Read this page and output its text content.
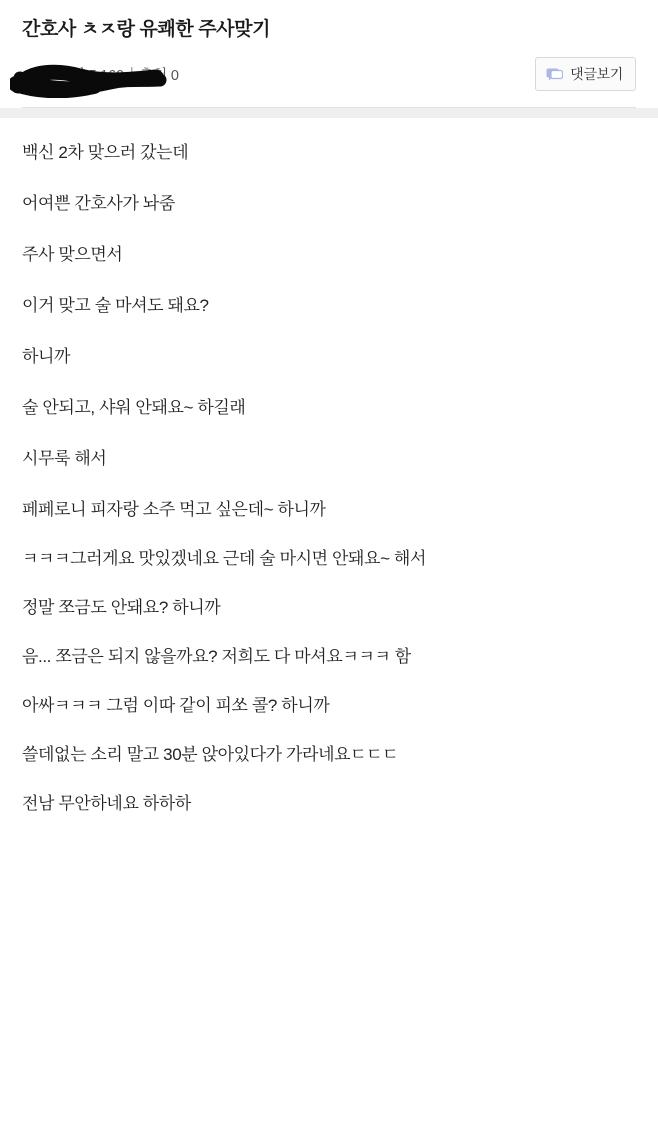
간호사 ㅊㅈ랑 유쾌한 주사맞기
.47 | 조회 5,160 | 추천 0	댓글보기

백신 2차 맞으러 갔는데

어여쁜 간호사가 놔줌

주사 맞으면서

이거 맞고 술 마셔도 돼요?

하니까

술 안되고, 샤워 안돼요~ 하길래

시무룩 해서

페페로니 피자랑 소주 먹고 싶은데~ 하니까

ㅋㅋㅋ그러게요 맛있겠네요 근데 술 마시면 안돼요~ 해서

정말 쪼금도 안돼요? 하니까

음... 쪼금은 되지 않을까요? 저희도 다 마셔요ㅋㅋㅋ 함

아싸ㅋㅋㅋ 그럼 이따 같이 피쏘 콜? 하니까

쓸데없는 소리 말고 30분 앉아있다가 가라네요ㄷㄷㄷ

전남 무안하네요 하하하
